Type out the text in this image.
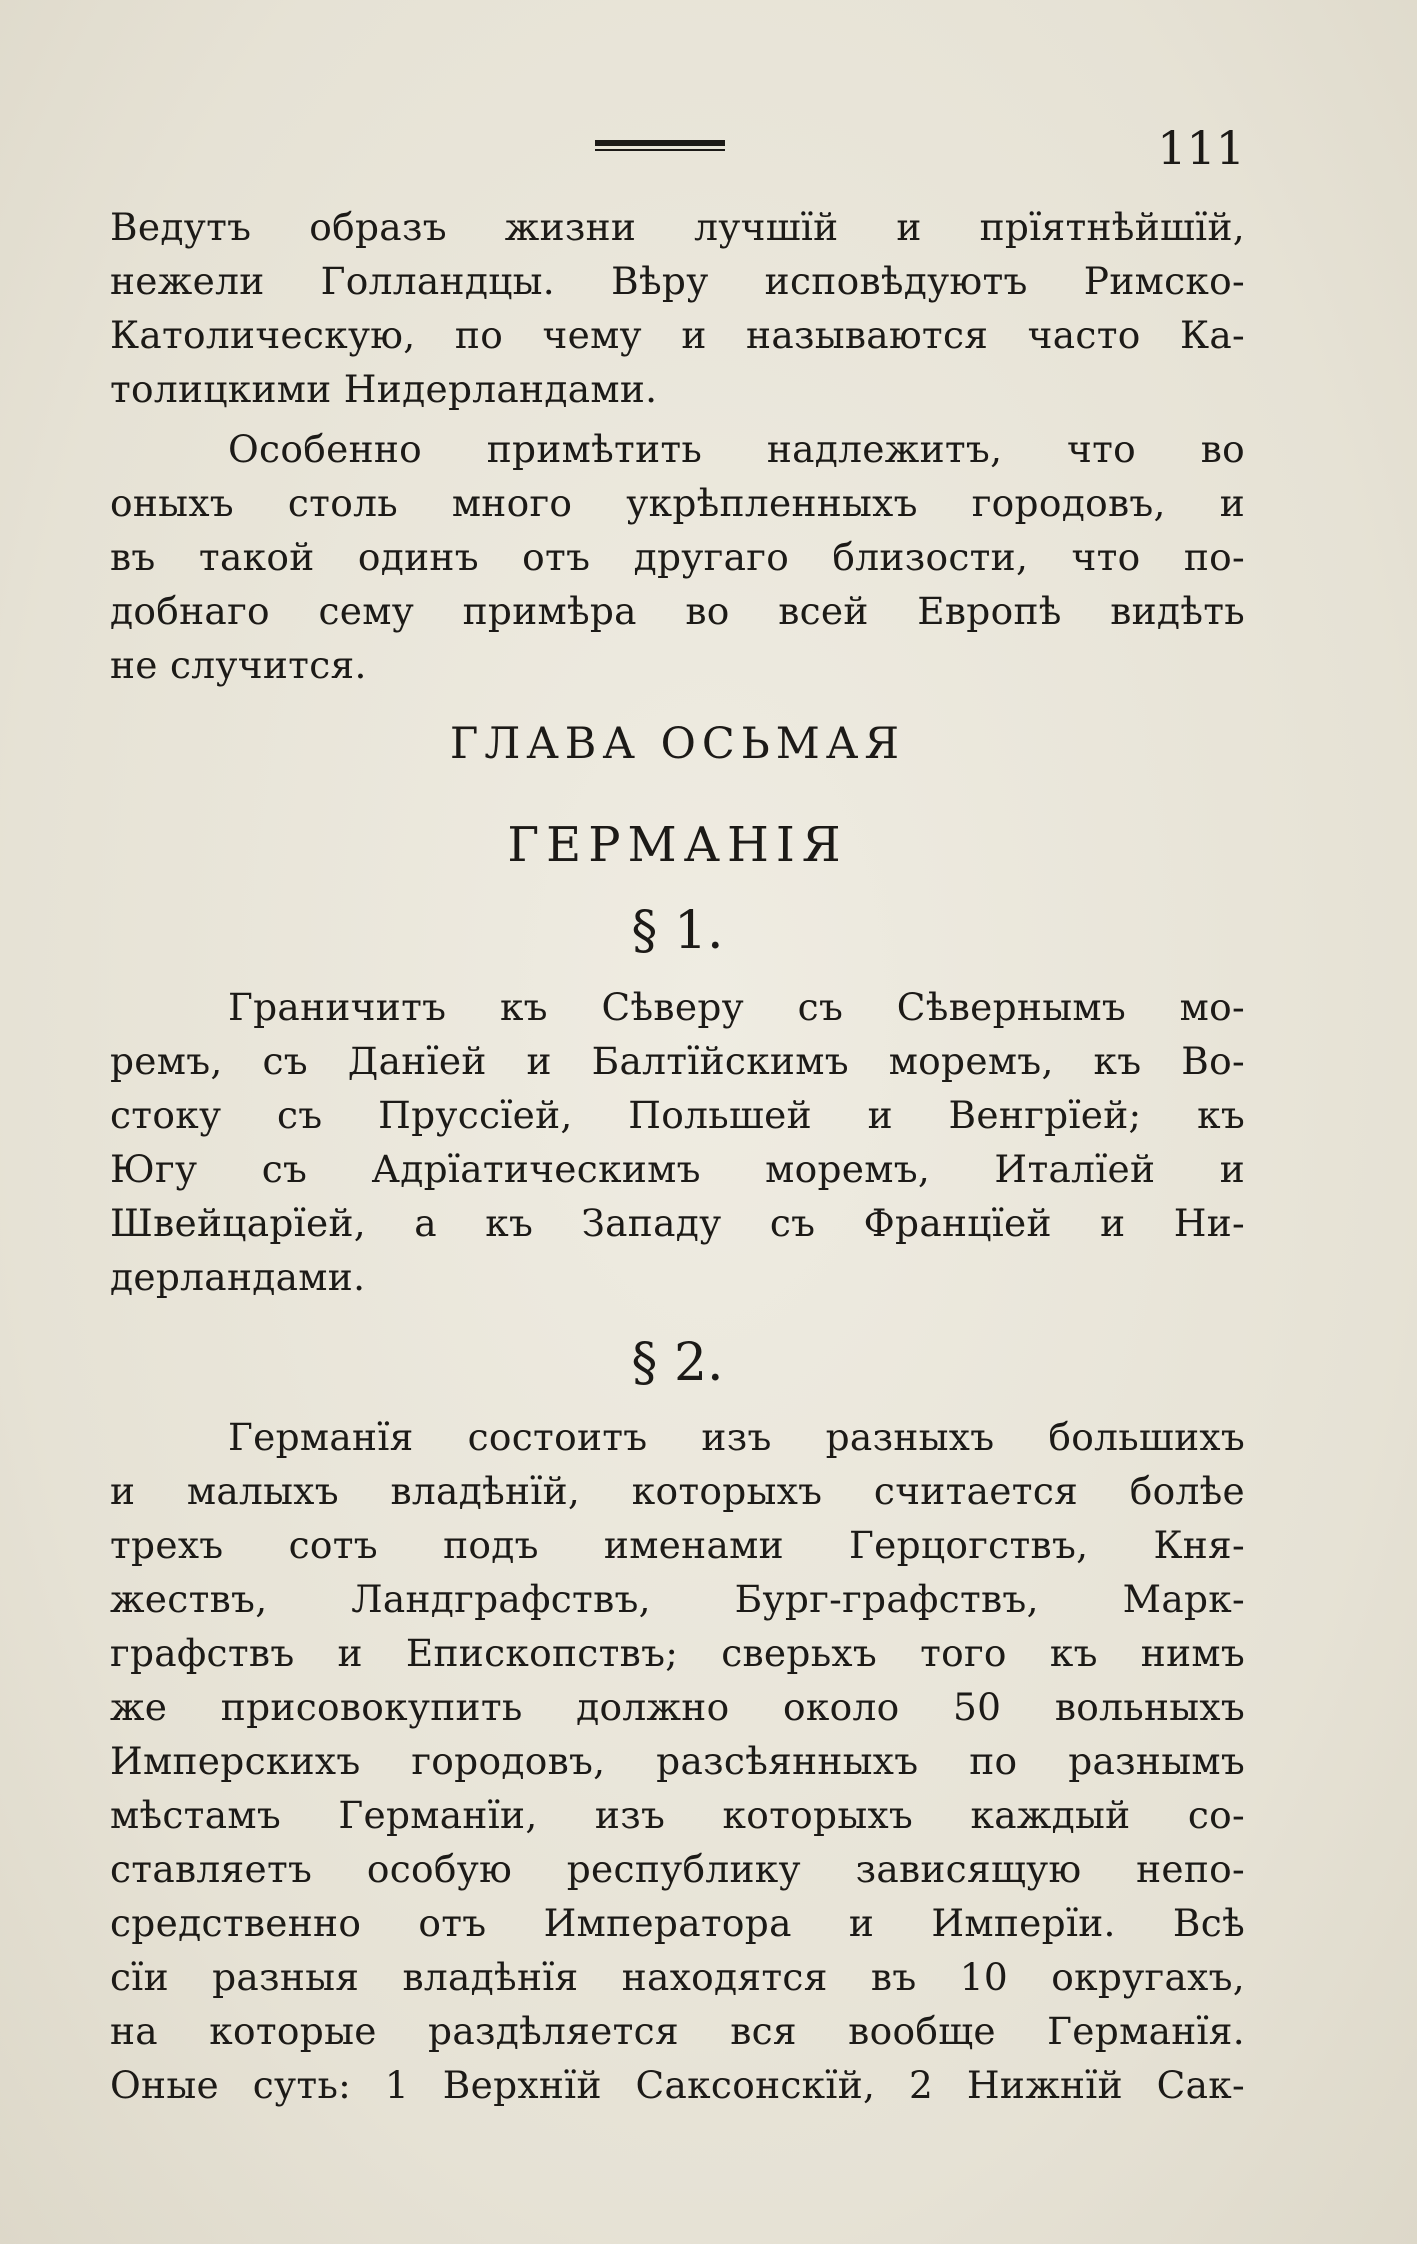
111
Ведутъ образъ жизни лучшїй и прїятнѣйшїй,
нежели Голландцы. Вѣру исповѣдуютъ Римско-
Католическую, по чему и называются часто Ка-
толицкими Нидерландами.
Особенно примѣтить надлежитъ, что во
оныхъ столь много укрѣпленныхъ городовъ, и
въ такой одинъ отъ другаго близости, что по-
добнаго сему примѣра во всей Европѣ видѣть
не случится.
ГЛАВА ОСЬМАЯ
ГЕРМАНІЯ
§ 1.
Граничитъ къ Сѣверу съ Сѣвернымъ мо-
ремъ, съ Данїей и Балтїйскимъ моремъ, къ Во-
стоку съ Пруссїей, Польшей и Венгрїей; къ
Югу съ Адрїатическимъ моремъ, Италїей и
Швейцарїей, а къ Западу съ Францїей и Ни-
дерландами.
§ 2.
Германїя состоитъ изъ разныхъ большихъ
и малыхъ владѣнїй, которыхъ считается болѣе
трехъ сотъ подъ именами Герцогствъ, Кня-
жествъ, Ландграфствъ, Бург-графствъ, Марк-
графствъ и Епископствъ; сверьхъ того къ нимъ
же присовокупить должно около 50 вольныхъ
Имперскихъ городовъ, разсѣянныхъ по разнымъ
мѣстамъ Германїи, изъ которыхъ каждый со-
ставляетъ особую республику зависящую непо-
средственно отъ Императора и Имперїи. Всѣ
сїи разныя владѣнїя находятся въ 10 округахъ,
на которые раздѣляется вся вообще Германїя.
Оные суть: 1 Верхнїй Саксонскїй, 2 Нижнїй Сак-
